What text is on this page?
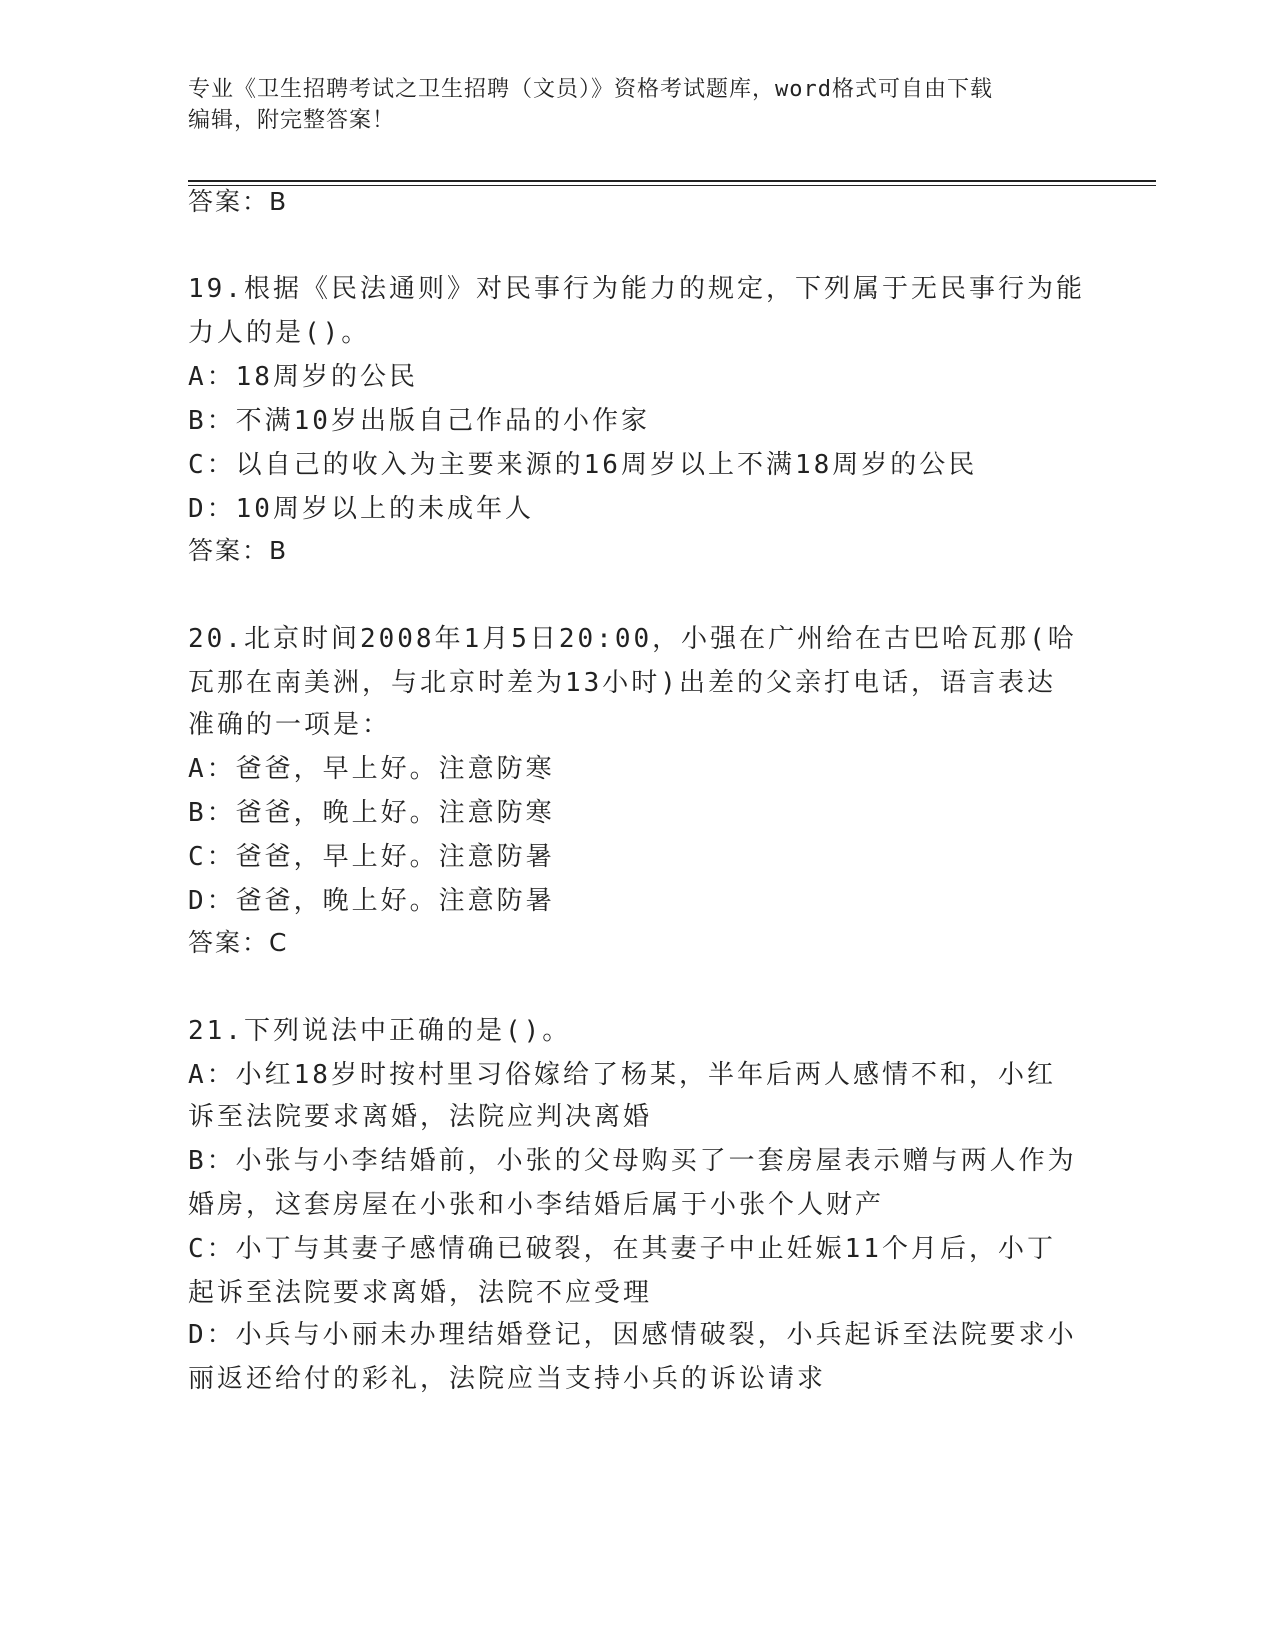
专业《卫生招聘考试之卫生招聘（文员）》资格考试题库，word格式可自由下载
编辑，附完整答案！
答案：B
19.根据《民法通则》对民事行为能力的规定，下列属于无民事行为能
力人的是()。
A：18周岁的公民
B：不满10岁出版自己作品的小作家
C：以自己的收入为主要来源的16周岁以上不满18周岁的公民
D：10周岁以上的未成年人
答案：B
20.北京时间2008年1月5日20:00，小强在广州给在古巴哈瓦那(哈
瓦那在南美洲，与北京时差为13小时)出差的父亲打电话，语言表达
准确的一项是：
A：爸爸，早上好。注意防寒
B：爸爸，晚上好。注意防寒
C：爸爸，早上好。注意防暑
D：爸爸，晚上好。注意防暑
答案：C
21.下列说法中正确的是()。
A：小红18岁时按村里习俗嫁给了杨某，半年后两人感情不和，小红
诉至法院要求离婚，法院应判决离婚
B：小张与小李结婚前，小张的父母购买了一套房屋表示赠与两人作为
婚房，这套房屋在小张和小李结婚后属于小张个人财产
C：小丁与其妻子感情确已破裂，在其妻子中止妊娠11个月后，小丁
起诉至法院要求离婚，法院不应受理
D：小兵与小丽未办理结婚登记，因感情破裂，小兵起诉至法院要求小
丽返还给付的彩礼，法院应当支持小兵的诉讼请求
